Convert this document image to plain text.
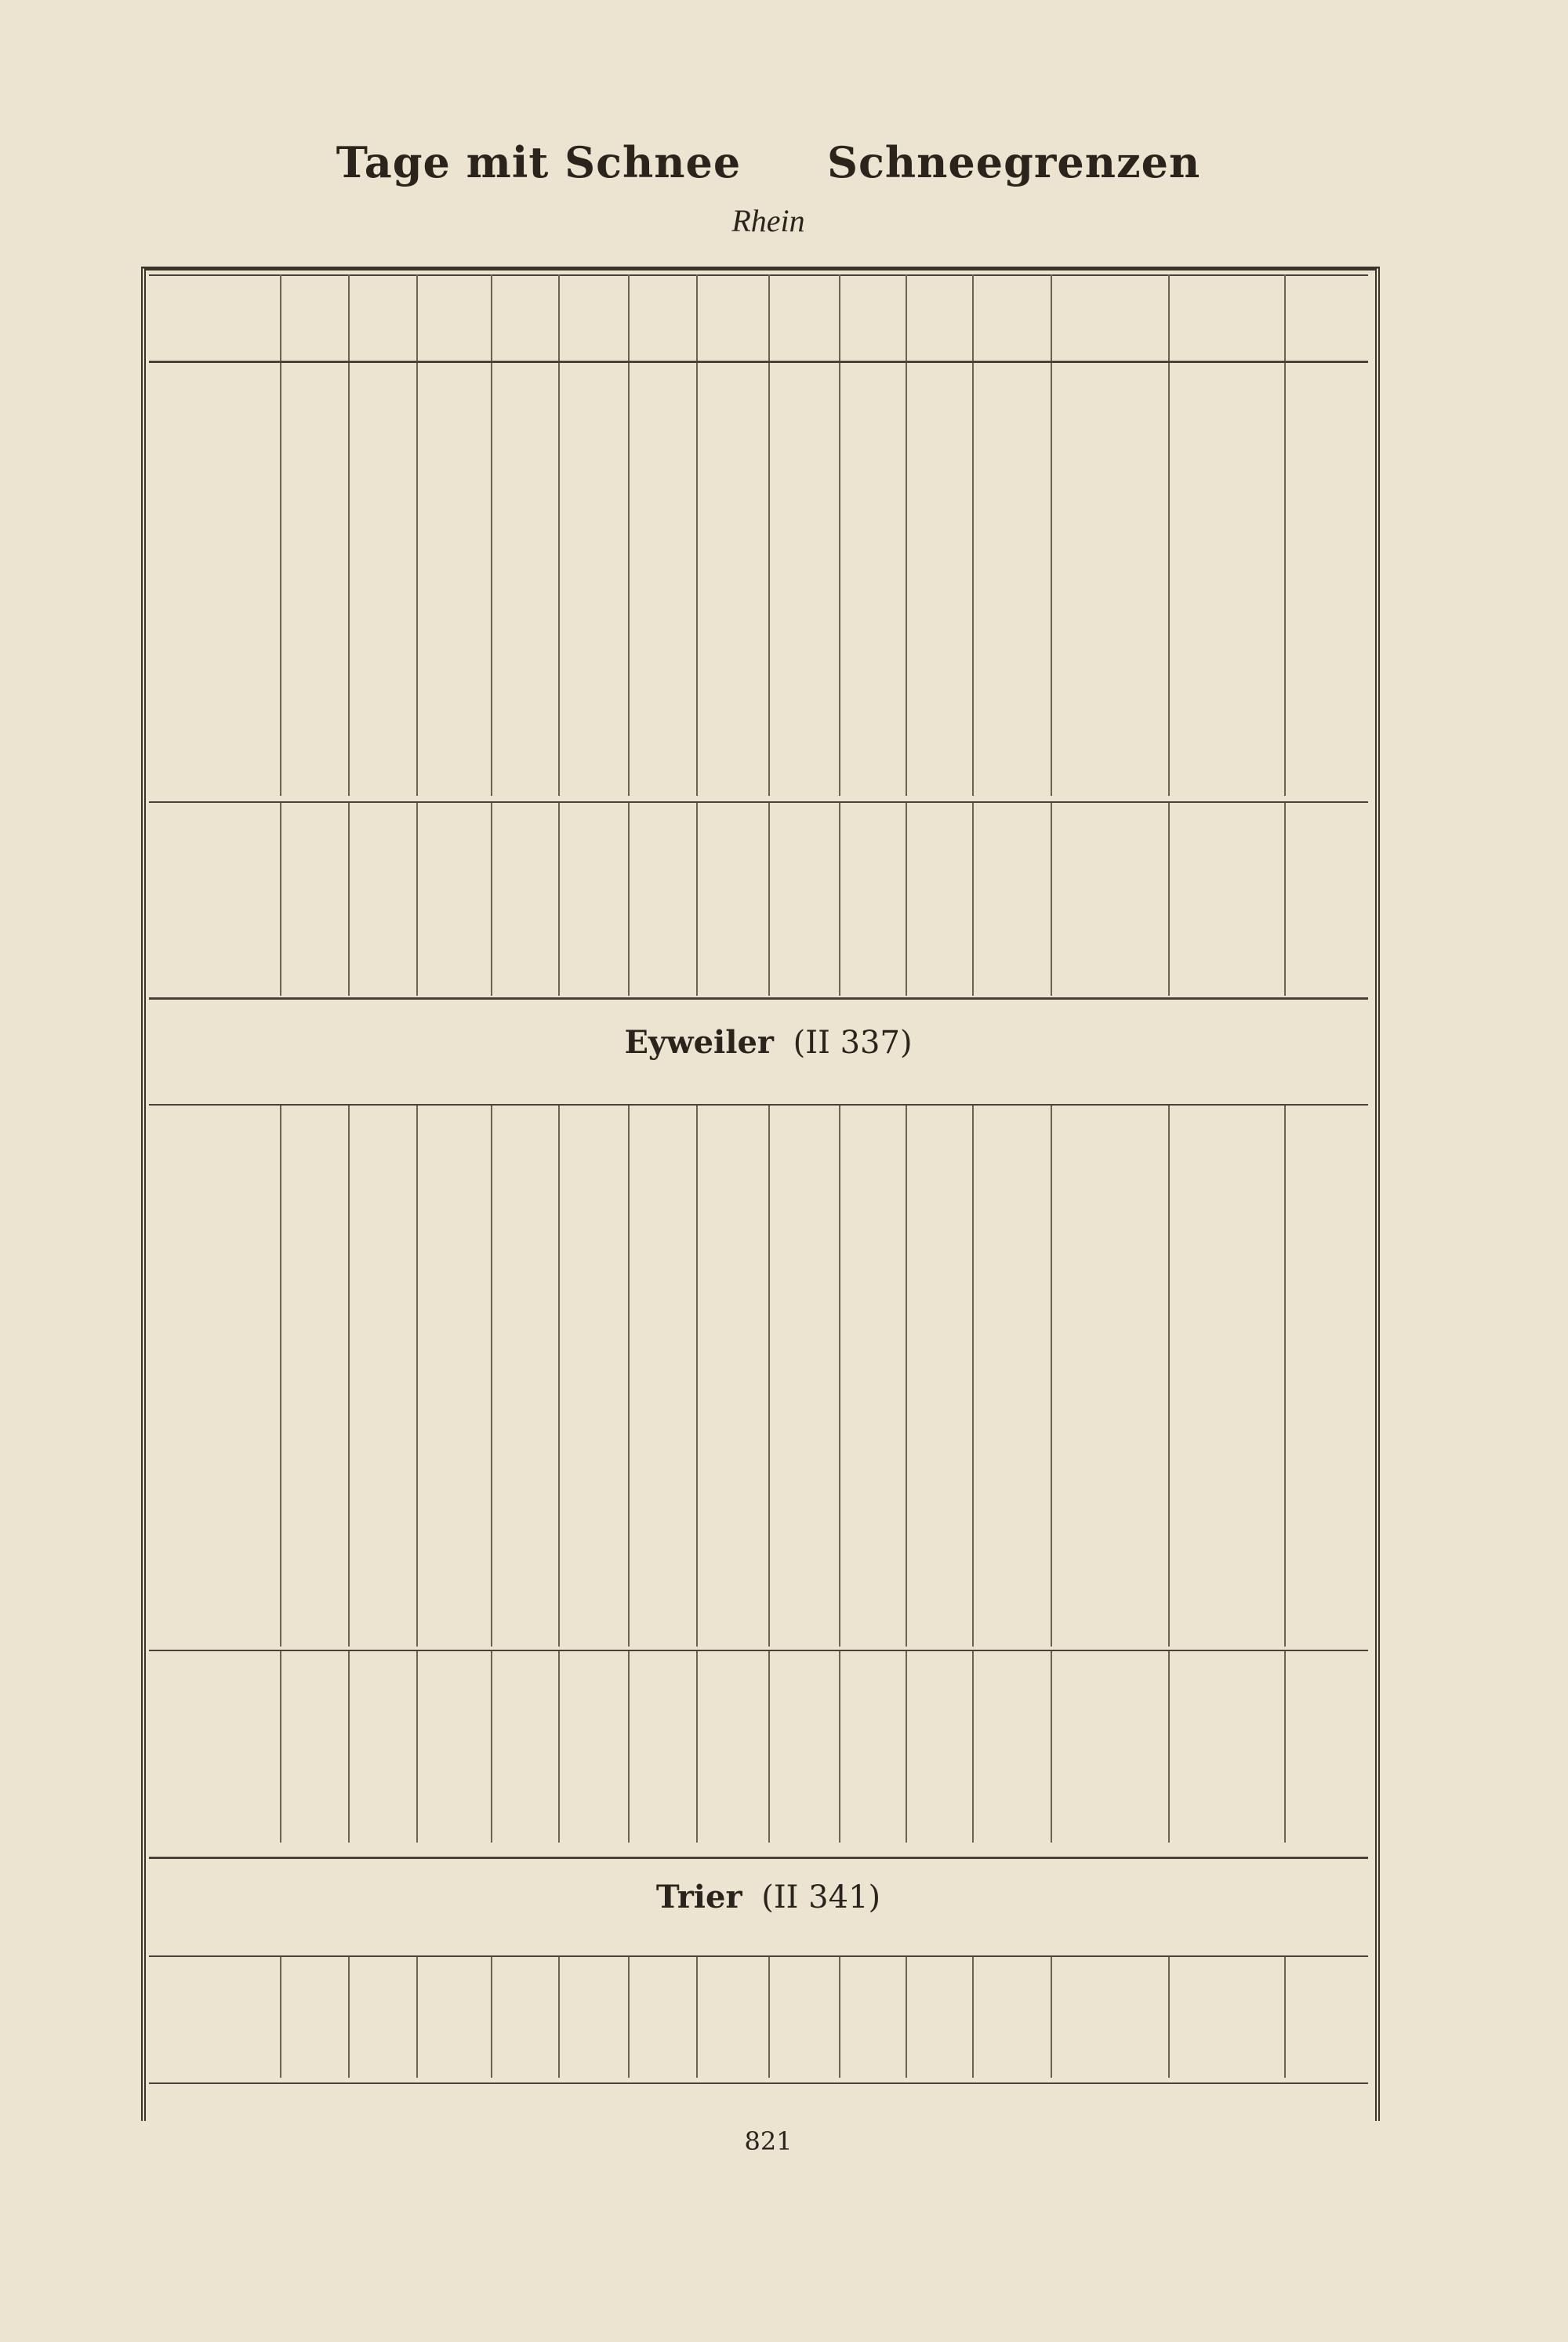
Tage mit Schnee Schneegrenzen
Rhein
Eyweiler (II 337)
Trier (II 341)
821
